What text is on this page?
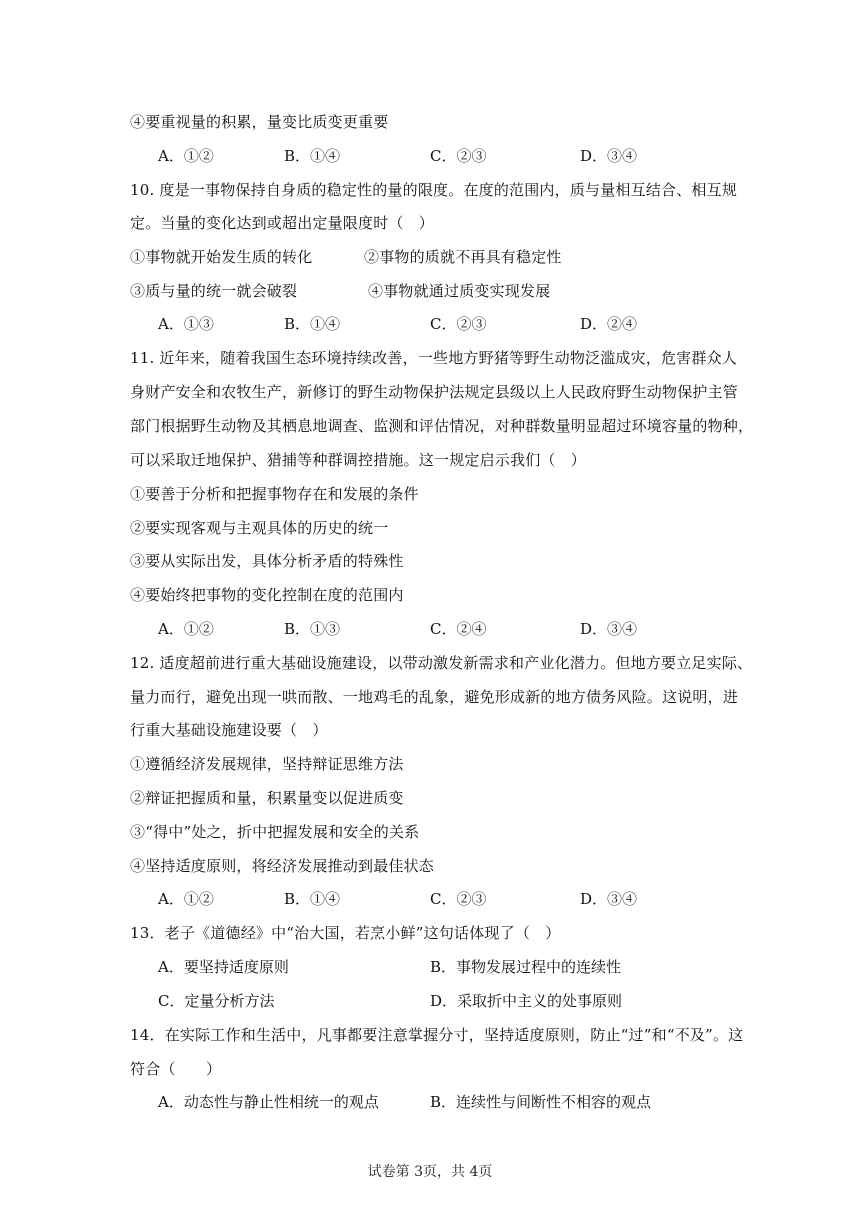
④要重视量的积累，量变比质变更重要
A．①②	B．①④	C．②③	D．③④
10. 度是一事物保持自身质的稳定性的量的限度。在度的范围内，质与量相互结合、相互规
定。当量的变化达到或超出定量限度时（　）
①事物就开始发生质的转化	②事物的质就不再具有稳定性
③质与量的统一就会破裂	④事物就通过质变实现发展
A．①③	B．①④	C．②③	D．②④
11. 近年来，随着我国生态环境持续改善，一些地方野猪等野生动物泛滥成灾，危害群众人
身财产安全和农牧生产，新修订的野生动物保护法规定县级以上人民政府野生动物保护主管
部门根据野生动物及其栖息地调查、监测和评估情况，对种群数量明显超过环境容量的物种，
可以采取迁地保护、猎捕等种群调控措施。这一规定启示我们（　）
①要善于分析和把握事物存在和发展的条件
②要实现客观与主观具体的历史的统一
③要从实际出发，具体分析矛盾的特殊性
④要始终把事物的变化控制在度的范围内
A．①②	B．①③	C．②④	D．③④
12. 适度超前进行重大基础设施建设，以带动激发新需求和产业化潜力。但地方要立足实际、
量力而行，避免出现一哄而散、一地鸡毛的乱象，避免形成新的地方债务风险。这说明，进
行重大基础设施建设要（　）
①遵循经济发展规律，坚持辩证思维方法
②辩证把握质和量，积累量变以促进质变
③“得中”处之，折中把握发展和安全的关系
④坚持适度原则，将经济发展推动到最佳状态
A．①②	B．①④	C．②③	D．③④
13．老子《道德经》中“治大国，若烹小鲜”这句话体现了（　）
A．要坚持适度原则	B．事物发展过程中的连续性
C．定量分析方法	D．采取折中主义的处事原则
14．在实际工作和生活中，凡事都要注意掌握分寸，坚持适度原则，防止“过”和“不及”。这
符合（　　）
A．动态性与静止性相统一的观点	B．连续性与间断性不相容的观点
试卷第 3页，共 4页
